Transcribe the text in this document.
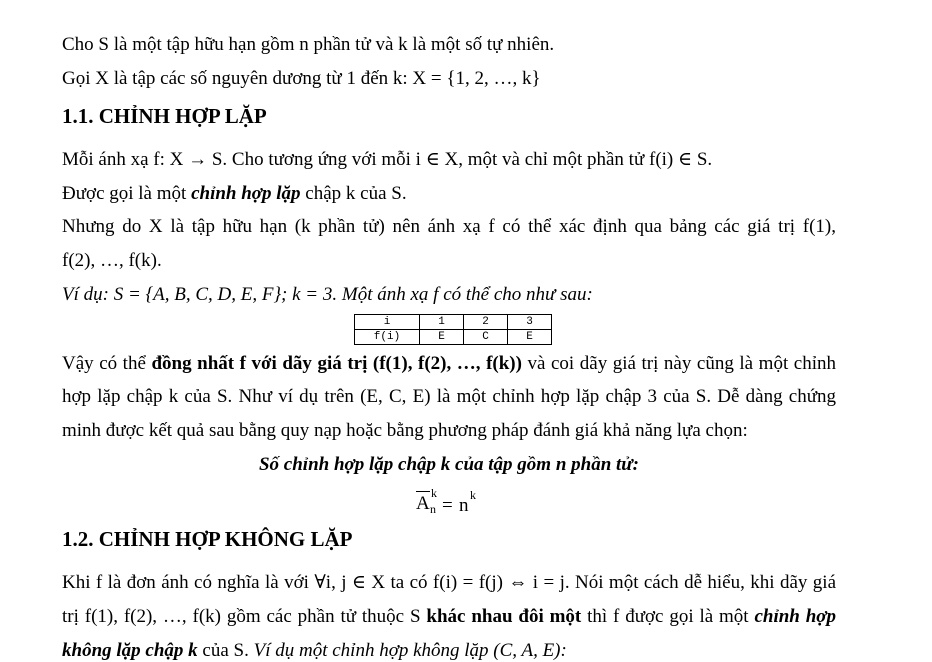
Cho S là một tập hữu hạn gồm n phần tử và k là một số tự nhiên.
Gọi X là tập các số nguyên dương từ 1 đến k: X = {1, 2, …, k}
1.1. CHỈNH HỢP LẶP
Mỗi ánh xạ f: X → S. Cho tương ứng với mỗi i ∈ X, một và chỉ một phần tử f(i) ∈ S.
Được gọi là một chỉnh hợp lặp chập k của S.
Nhưng do X là tập hữu hạn (k phần tử) nên ánh xạ f có thể xác định qua bảng các giá trị f(1),
f(2), …, f(k).
Ví dụ: S = {A, B, C, D, E, F}; k = 3. Một ánh xạ f có thể cho như sau:
i	1	2	3
f(i)	E	C	E
Vậy có thể đồng nhất f với dãy giá trị (f(1), f(2), …, f(k)) và coi dãy giá trị này cũng là một chỉnh
hợp lặp chập k của S. Như ví dụ trên (E, C, E) là một chỉnh hợp lặp chập 3 của S. Dễ dàng chứng
minh được kết quả sau bằng quy nạp hoặc bằng phương pháp đánh giá khả năng lựa chọn:
Số chỉnh hợp lặp chập k của tập gồm n phần tử:
A k
n = n k
1.2. CHỈNH HỢP KHÔNG LẶP
Khi f là đơn ánh có nghĩa là với ∀i, j ∈ X ta có f(i) = f(j) ⇔ i = j. Nói một cách dễ hiểu, khi dãy giá
trị f(1), f(2), …, f(k) gồm các phần tử thuộc S khác nhau đôi một thì f được gọi là một chỉnh hợp
không lặp chập k của S. Ví dụ một chỉnh hợp không lặp (C, A, E):
